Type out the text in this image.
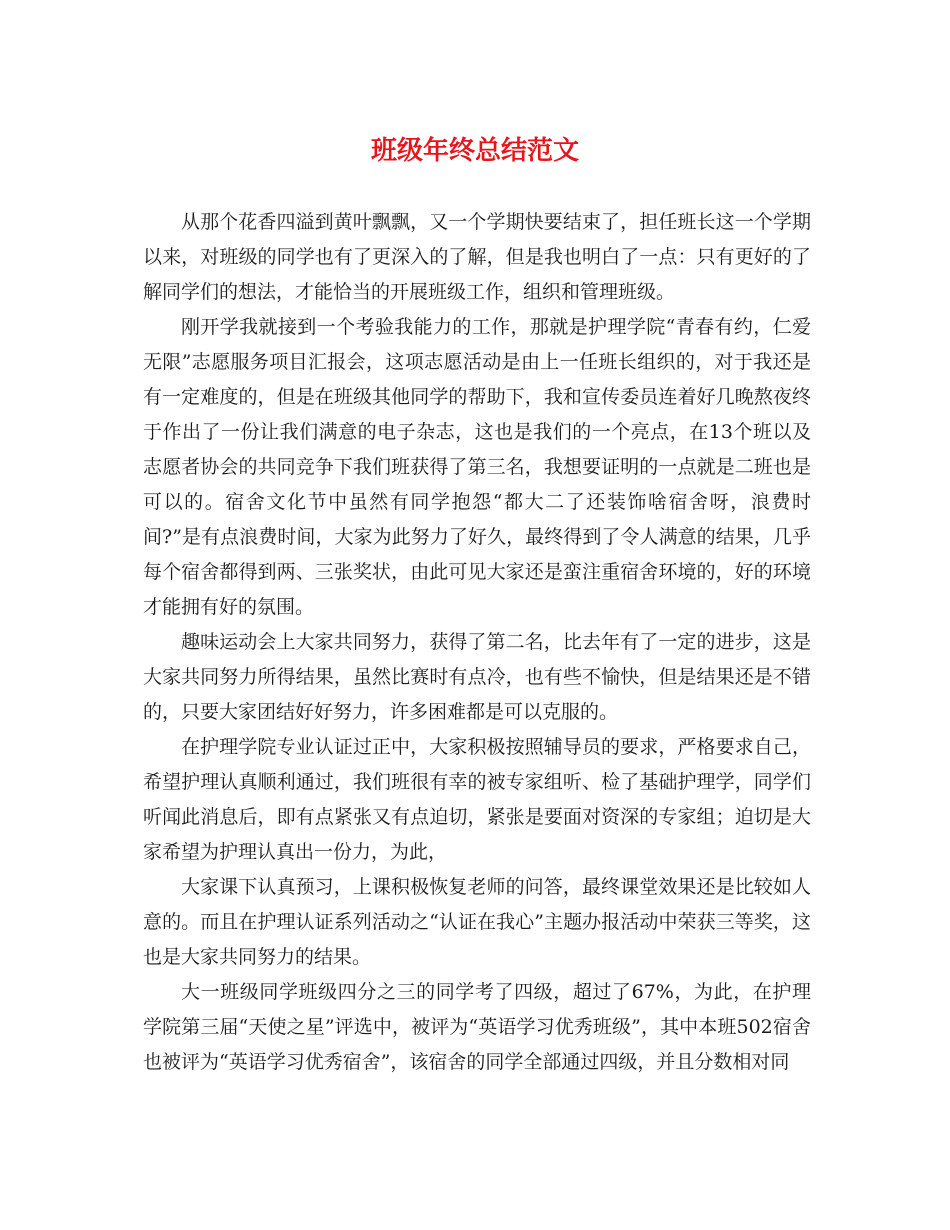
班级年终总结范文

从那个花香四溢到黄叶飘飘，又一个学期快要结束了，担任班长这一个学期以来，对班级的同学也有了更深入的了解，但是我也明白了一点：只有更好的了解同学们的想法，才能恰当的开展班级工作，组织和管理班级。

刚开学我就接到一个考验我能力的工作，那就是护理学院“青春有约，仁爱无限”志愿服务项目汇报会，这项志愿活动是由上一任班长组织的，对于我还是有一定难度的，但是在班级其他同学的帮助下，我和宣传委员连着好几晚熬夜终于作出了一份让我们满意的电子杂志，这也是我们的一个亮点，在13个班以及志愿者协会的共同竞争下我们班获得了第三名，我想要证明的一点就是二班也是可以的。宿舍文化节中虽然有同学抱怨“都大二了还装饰啥宿舍呀，浪费时间?”是有点浪费时间，大家为此努力了好久，最终得到了令人满意的结果，几乎每个宿舍都得到两、三张奖状，由此可见大家还是蛮注重宿舍环境的，好的环境才能拥有好的氛围。

趣味运动会上大家共同努力，获得了第二名，比去年有了一定的进步，这是大家共同努力所得结果，虽然比赛时有点冷，也有些不愉快，但是结果还是不错的，只要大家团结好好努力，许多困难都是可以克服的。

在护理学院专业认证过正中，大家积极按照辅导员的要求，严格要求自己，希望护理认真顺利通过，我们班很有幸的被专家组听、检了基础护理学，同学们听闻此消息后，即有点紧张又有点迫切，紧张是要面对资深的专家组；迫切是大家希望为护理认真出一份力，为此，

大家课下认真预习，上课积极恢复老师的问答，最终课堂效果还是比较如人意的。而且在护理认证系列活动之“认证在我心”主题办报活动中荣获三等奖，这也是大家共同努力的结果。

大一班级同学班级四分之三的同学考了四级，超过了67%，为此，在护理学院第三届“天使之星”评选中，被评为“英语学习优秀班级”，其中本班502宿舍也被评为“英语学习优秀宿舍”，该宿舍的同学全部通过四级，并且分数相对同
